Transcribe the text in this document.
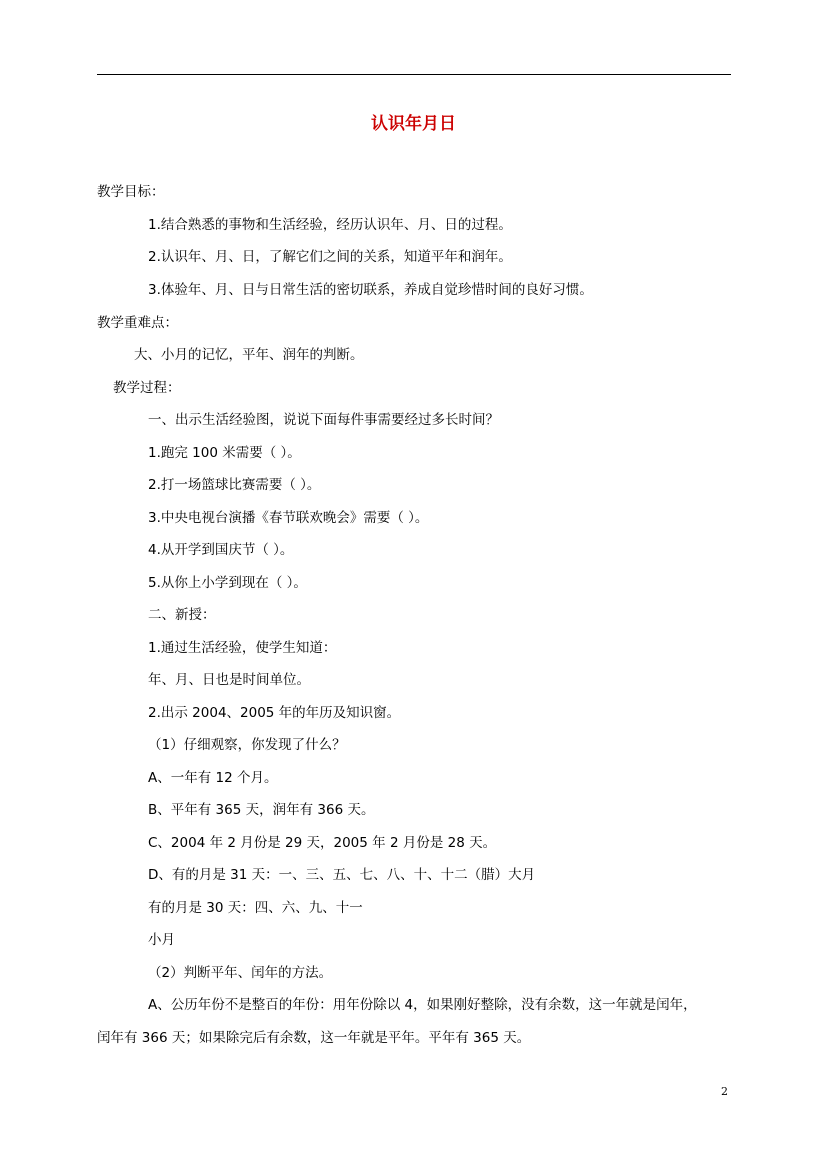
认识年月日

教学目标：

1.结合熟悉的事物和生活经验，经历认识年、月、日的过程。

2.认识年、月、日，了解它们之间的关系，知道平年和润年。

3.体验年、月、日与日常生活的密切联系，养成自觉珍惜时间的良好习惯。

教学重难点：

大、小月的记忆，平年、润年的判断。

教学过程：

一、出示生活经验图，说说下面每件事需要经过多长时间？

1.跑完 100 米需要（ ）。

2.打一场篮球比赛需要（ ）。

3.中央电视台演播《春节联欢晚会》需要（ ）。

4.从开学到国庆节（ ）。

5.从你上小学到现在（ ）。

二、新授：

1.通过生活经验，使学生知道：

年、月、日也是时间单位。

2.出示 2004、2005 年的年历及知识窗。

（1）仔细观察，你发现了什么？

A、一年有 12 个月。

B、平年有 365 天，润年有 366 天。

C、2004 年 2 月份是 29 天，2005 年 2 月份是 28 天。

D、有的月是 31 天：一、三、五、七、八、十、十二（腊）大月

有的月是 30 天：四、六、九、十一

小月

（2）判断平年、闰年的方法。

A、公历年份不是整百的年份：用年份除以 4，如果刚好整除，没有余数，这一年就是闰年，

闰年有 366 天；如果除完后有余数，这一年就是平年。平年有 365 天。

2
